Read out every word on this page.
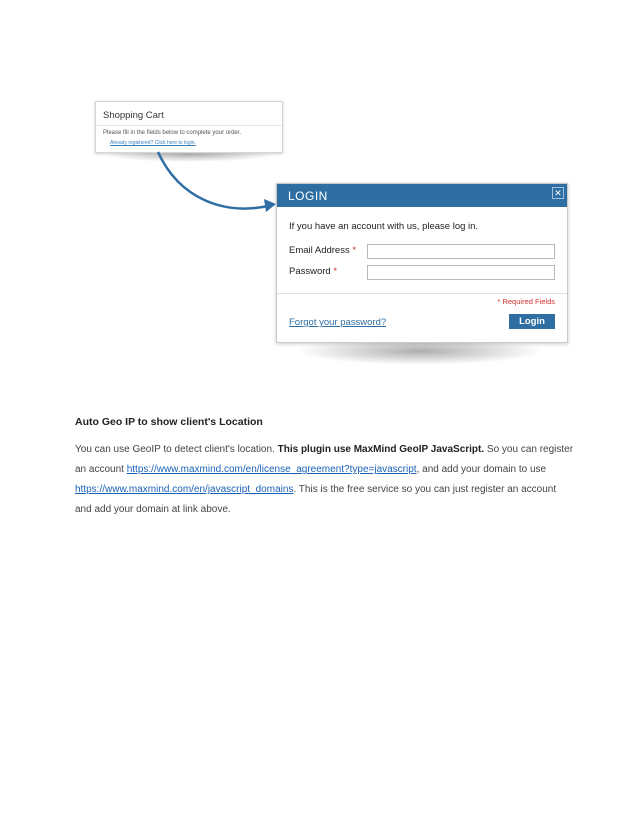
Shopping Cart
Please fill in the fields below to complete your order.
Already registered? Click here to login.
LOGIN	✕
If you have an account with us, please log in.
Email Address *
Password *
* Required Fields
Forgot your password?	Login
Auto Geo IP to show client's Location
You can use GeoIP to detect client's location. This plugin use MaxMind GeoIP JavaScript. So you can register an account https://www.maxmind.com/en/license_agreement?type=javascript, and add your domain to use https://www.maxmind.com/en/javascript_domains. This is the free service so you can just register an account and add your domain at link above.
